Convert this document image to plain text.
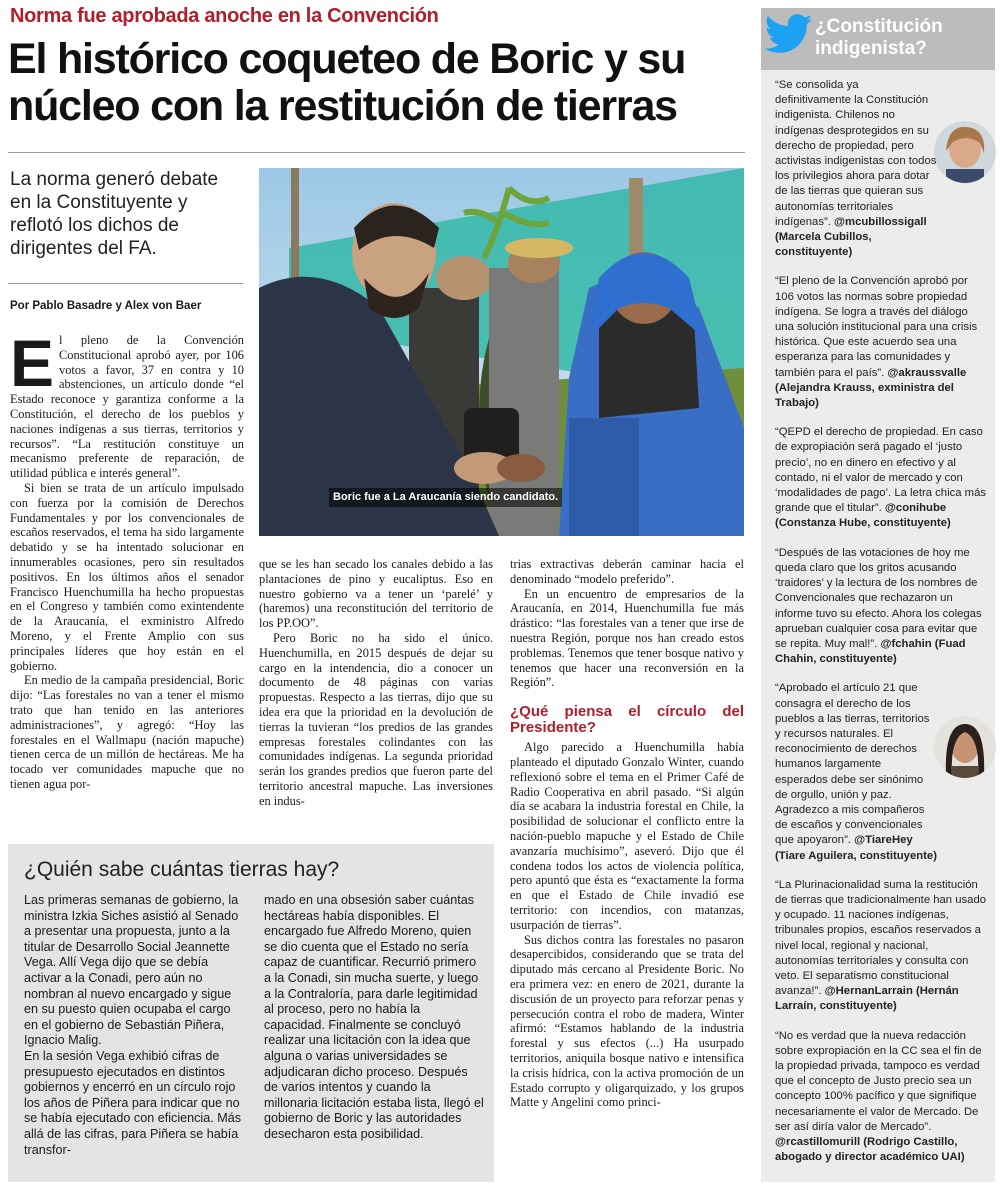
Norma fue aprobada anoche en la Convención
El histórico coqueteo de Boric y su núcleo con la restitución de tierras
La norma generó debate en la Constituyente y reflotó los dichos de dirigentes del FA.
Por Pablo Basadre y Alex von Baer
Boric fue a La Araucanía siendo candidato.
E l pleno de la Convención Constitucional aprobó ayer, por 106 votos a favor, 37 en contra y 10 abstenciones, un artículo donde “el Estado reconoce y garantiza conforme a la Constitución, el derecho de los pueblos y naciones indígenas a sus tierras, territorios y recursos”. “La restitución constituye un mecanismo preferente de reparación, de utilidad pública e interés general”.

Si bien se trata de un artículo impulsado con fuerza por la comisión de Derechos Fundamentales y por los convencionales de escaños reservados, el tema ha sido largamente debatido y se ha intentado solucionar en innumerables ocasiones, pero sin resultados positivos. En los últimos años el senador Francisco Huenchumilla ha hecho propuestas en el Congreso y también como exintendente de la Araucanía, el exministro Alfredo Moreno, y el Frente Amplio con sus principales líderes que hoy están en el gobierno.

En medio de la campaña presidencial, Boric dijo: “Las forestales no van a tener el mismo trato que han tenido en las anteriores administraciones”, y agregó: “Hoy las forestales en el Wallmapu (nación mapuche) tienen cerca de un millón de hectáreas. Me ha tocado ver comunidades mapuche que no tienen agua por-

que se les han secado los canales debido a las plantaciones de pino y eucaliptus. Eso en nuestro gobierno va a tener un ‘parelé’ y (haremos) una reconstitución del territorio de los PP.OO”.

Pero Boric no ha sido el único. Huenchumilla, en 2015 después de dejar su cargo en la intendencia, dio a conocer un documento de 48 páginas con varias propuestas. Respecto a las tierras, dijo que su idea era que la prioridad en la devolución de tierras la tuvieran “los predios de las grandes empresas forestales colindantes con las comunidades indígenas. La segunda prioridad serán los grandes predios que fueron parte del territorio ancestral mapuche. Las inversiones en indus-

trias extractivas deberán caminar hacia el denominado “modelo preferido”.

En un encuentro de empresarios de la Araucanía, en 2014, Huenchumilla fue más drástico: “las forestales van a tener que irse de nuestra Región, porque nos han creado estos problemas. Tenemos que tener bosque nativo y tenemos que hacer una reconversión en la Región”.

¿Qué piensa el círculo del Presidente?

Algo parecido a Huenchumilla había planteado el diputado Gonzalo Winter, cuando reflexionó sobre el tema en el Primer Café de Radio Cooperativa en abril pasado. “Si algún día se acabara la industria forestal en Chile, la posibilidad de solucionar el conflicto entre la nación-pueblo mapuche y el Estado de Chile avanzaría muchísimo”, aseveró. Dijo que él condena todos los actos de violencia política, pero apuntó que ésta es “exactamente la forma en que el Estado de Chile invadió ese territorio: con incendios, con matanzas, usurpación de tierras”.

Sus dichos contra las forestales no pasaron desapercibidos, considerando que se trata del diputado más cercano al Presidente Boric. No era primera vez: en enero de 2021, durante la discusión de un proyecto para reforzar penas y persecución contra el robo de madera, Winter afirmó: “Estamos hablando de la industria forestal y sus efectos (...) Ha usurpado territorios, aniquila bosque nativo e intensifica la crisis hídrica, con la activa promoción de un Estado corrupto y oligarquizado, y los grupos Matte y Angelini como princi-

¿Quién sabe cuántas tierras hay?

Las primeras semanas de gobierno, la ministra Izkia Siches asistió al Senado a presentar una propuesta, junto a la titular de Desarrollo Social Jeannette Vega. Allí Vega dijo que se debía activar a la Conadi, pero aún no nombran al nuevo encargado y sigue en su puesto quien ocupaba el cargo en el gobierno de Sebastián Piñera, Ignacio Malig.

En la sesión Vega exhibió cifras de presupuesto ejecutados en distintos gobiernos y encerró en un círculo rojo los años de Piñera para indicar que no se había ejecutado con eficiencia. Más allá de las cifras, para Piñera se había transfor-

mado en una obsesión saber cuántas hectáreas había disponibles. El encargado fue Alfredo Moreno, quien se dio cuenta que el Estado no sería capaz de cuantificar. Recurrió primero a la Conadi, sin mucha suerte, y luego a la Contraloría, para darle legitimidad al proceso, pero no había la capacidad. Finalmente se concluyó realizar una licitación con la idea que alguna o varias universidades se adjudicaran dicho proceso. Después de varios intentos y cuando la millonaria licitación estaba lista, llegó el gobierno de Boric y las autoridades desecharon esta posibilidad.

¿Constitución
indigenista?
“Se consolida ya definitivamente la Constitución indigenista. Chilenos no indígenas desprotegidos en su derecho de propiedad, pero activistas indigenistas con todos los privilegios ahora para dotar de las tierras que quieran sus autonomías territoriales indígenas”. @mcubillossigall (Marcela Cubillos, constituyente)
“El pleno de la Convención aprobó por 106 votos las normas sobre propiedad indígena. Se logra a través del diálogo una solución institucional para una crisis histórica. Que este acuerdo sea una esperanza para las comunidades y también para el país”. @akraussvalle (Alejandra Krauss, exministra del Trabajo)
“QEPD el derecho de propiedad. En caso de expropiación será pagado el ‘justo precio’, no en dinero en efectivo y al contado, ni el valor de mercado y con ‘modalidades de pago’. La letra chica más grande que el titular”. @conihube (Constanza Hube, constituyente)
“Después de las votaciones de hoy me queda claro que los gritos acusando ‘traidores’ y la lectura de los nombres de Convencionales que rechazaron un informe tuvo su efecto. Ahora los colegas aprueban cualquier cosa para evitar que se repita. Muy mal!”. @fchahin (Fuad Chahin, constituyente)
“Aprobado el artículo 21 que consagra el derecho de los pueblos a las tierras, territorios y recursos naturales. El reconocimiento de derechos humanos largamente esperados debe ser sinónimo de orgullo, unión y paz. Agradezco a mis compañeros de escaños y convencionales que apoyaron”. @TiareHey (Tiare Aguilera, constituyente)
“La Plurinacionalidad suma la restitución de tierras que tradicionalmente han usado y ocupado. 11 naciones indígenas, tribunales propios, escaños reservados a nivel local, regional y nacional, autonomías territoriales y consulta con veto. El separatismo constitucional avanza!”. @HernanLarrain (Hernán Larraín, constituyente)
“No es verdad que la nueva redacción sobre expropiación en la CC sea el fin de la propiedad privada, tampoco es verdad que el concepto de Justo precio sea un concepto 100% pacífico y que signifique necesariamente el valor de Mercado. De ser así diría valor de Mercado”. @rcastillomurill (Rodrigo Castillo, abogado y director académico UAI)
